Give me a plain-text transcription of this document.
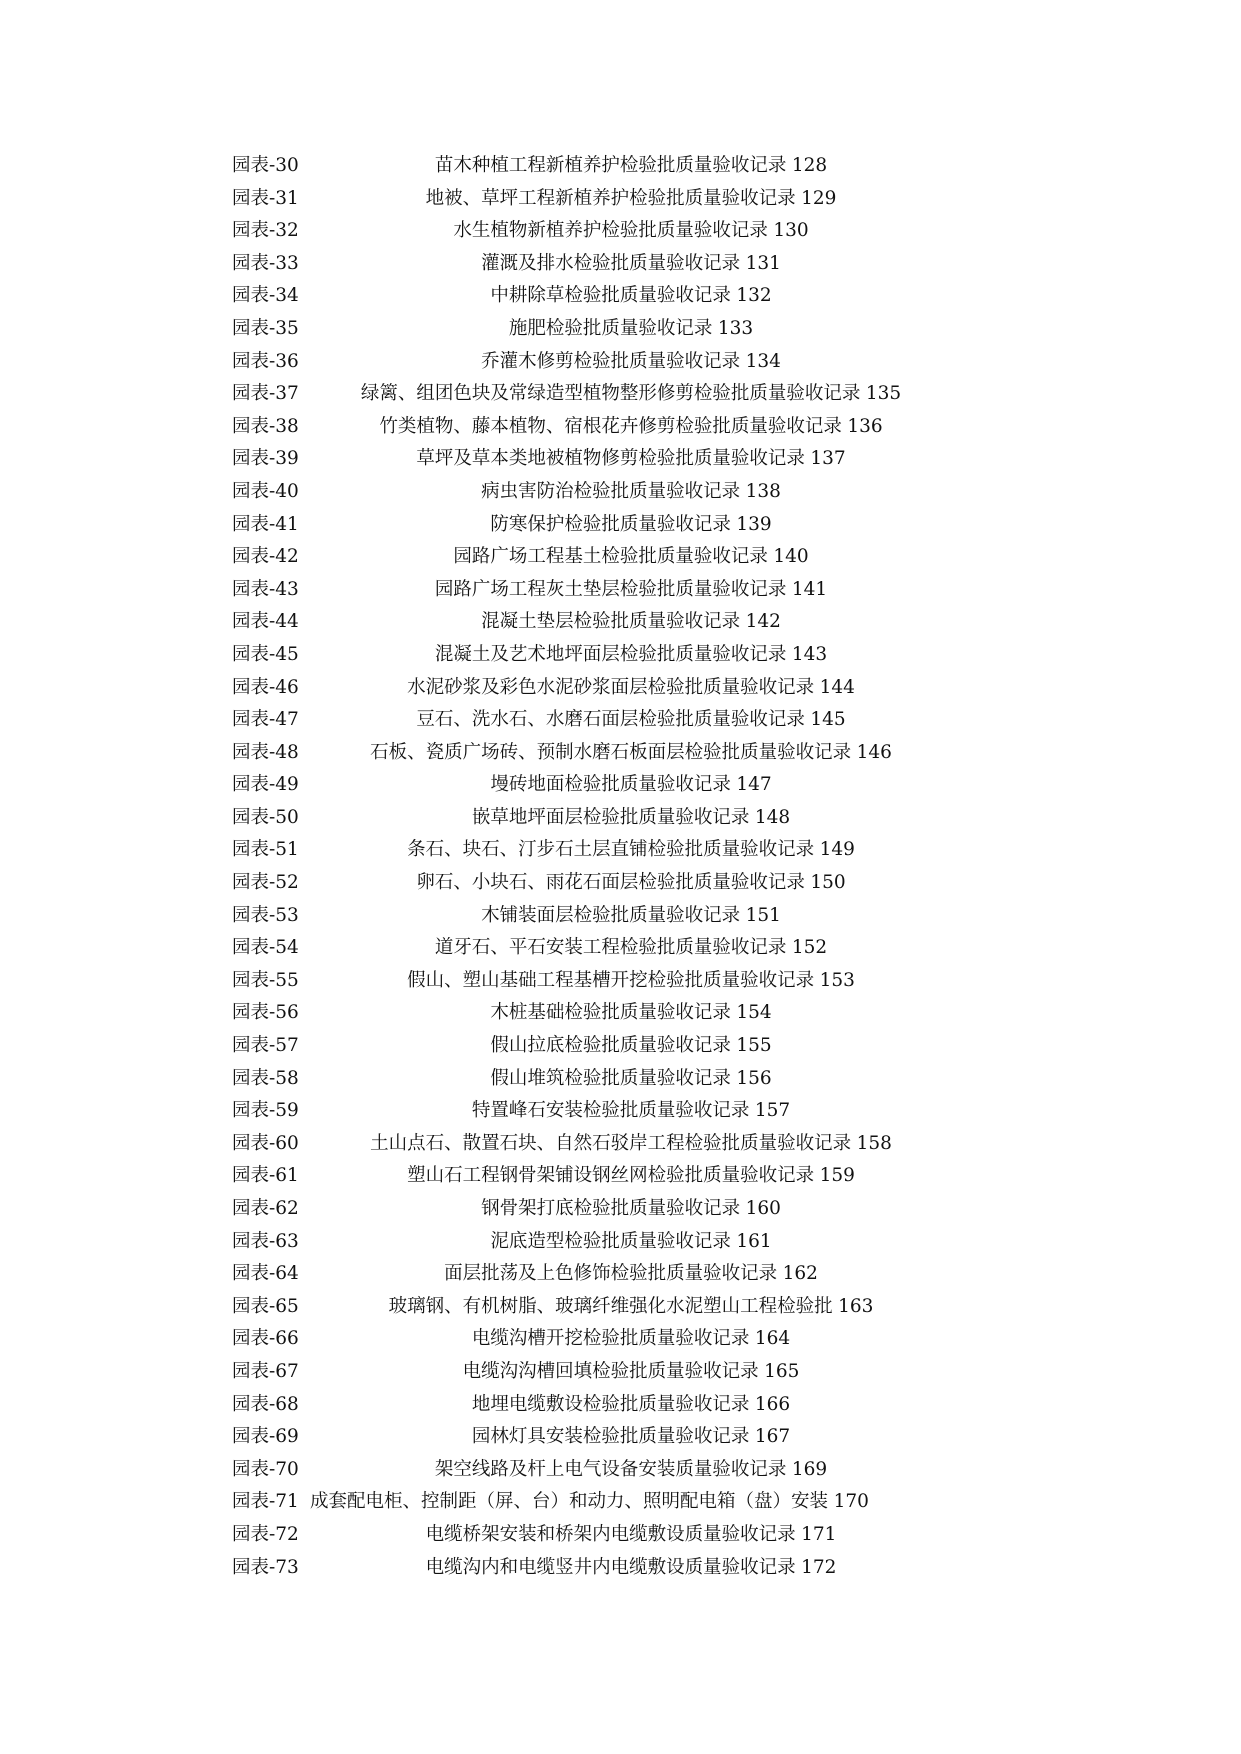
园表-30	苗木种植工程新植养护检验批质量验收记录 128
园表-31	地被、草坪工程新植养护检验批质量验收记录 129
园表-32	水生植物新植养护检验批质量验收记录 130
园表-33	灌溉及排水检验批质量验收记录 131
园表-34	中耕除草检验批质量验收记录 132
园表-35	施肥检验批质量验收记录 133
园表-36	乔灌木修剪检验批质量验收记录 134
园表-37	绿篱、组团色块及常绿造型植物整形修剪检验批质量验收记录 135
园表-38	竹类植物、藤本植物、宿根花卉修剪检验批质量验收记录 136
园表-39	草坪及草本类地被植物修剪检验批质量验收记录 137
园表-40	病虫害防治检验批质量验收记录 138
园表-41	防寒保护检验批质量验收记录 139
园表-42	园路广场工程基土检验批质量验收记录 140
园表-43	园路广场工程灰土垫层检验批质量验收记录 141
园表-44	混凝土垫层检验批质量验收记录 142
园表-45	混凝土及艺术地坪面层检验批质量验收记录 143
园表-46	水泥砂浆及彩色水泥砂浆面层检验批质量验收记录 144
园表-47	豆石、洗水石、水磨石面层检验批质量验收记录 145
园表-48	石板、瓷质广场砖、预制水磨石板面层检验批质量验收记录 146
园表-49	墁砖地面检验批质量验收记录 147
园表-50	嵌草地坪面层检验批质量验收记录 148
园表-51	条石、块石、汀步石土层直铺检验批质量验收记录 149
园表-52	卵石、小块石、雨花石面层检验批质量验收记录 150
园表-53	木铺装面层检验批质量验收记录 151
园表-54	道牙石、平石安装工程检验批质量验收记录 152
园表-55	假山、塑山基础工程基槽开挖检验批质量验收记录 153
园表-56	木桩基础检验批质量验收记录 154
园表-57	假山拉底检验批质量验收记录 155
园表-58	假山堆筑检验批质量验收记录 156
园表-59	特置峰石安装检验批质量验收记录 157
园表-60	土山点石、散置石块、自然石驳岸工程检验批质量验收记录 158
园表-61	塑山石工程钢骨架铺设钢丝网检验批质量验收记录 159
园表-62	钢骨架打底检验批质量验收记录 160
园表-63	泥底造型检验批质量验收记录 161
园表-64	面层批荡及上色修饰检验批质量验收记录 162
园表-65	玻璃钢、有机树脂、玻璃纤维强化水泥塑山工程检验批 163
园表-66	电缆沟槽开挖检验批质量验收记录 164
园表-67	电缆沟沟槽回填检验批质量验收记录 165
园表-68	地埋电缆敷设检验批质量验收记录 166
园表-69	园林灯具安装检验批质量验收记录 167
园表-70	架空线路及杆上电气设备安装质量验收记录 169
园表-71 成套配电柜、控制距（屏、台）和动力、照明配电箱（盘）安装 170
园表-72	电缆桥架安装和桥架内电缆敷设质量验收记录 171
园表-73	电缆沟内和电缆竖井内电缆敷设质量验收记录 172
